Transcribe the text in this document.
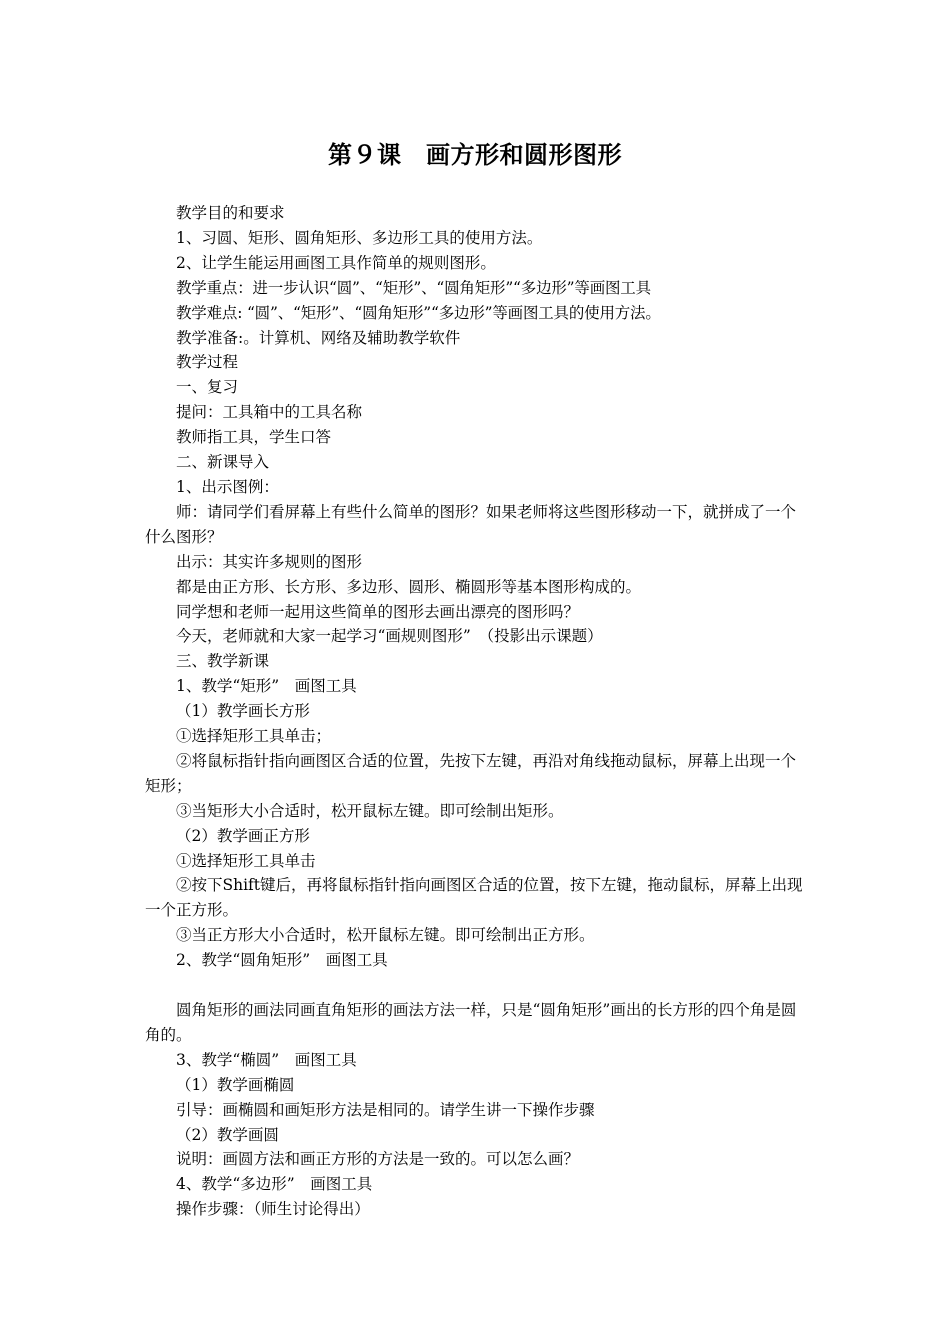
第９课　画方形和圆形图形

教学目的和要求

1、习圆、矩形、圆角矩形、多边形工具的使用方法。

2、让学生能运用画图工具作简单的规则图形。

教学重点：进一步认识“圆”、“矩形”、“圆角矩形”“多边形”等画图工具

教学难点: “圆”、“矩形”、“圆角矩形”“多边形”等画图工具的使用方法。

教学准备:。计算机、网络及辅助教学软件

教学过程

一、复习

提问：工具箱中的工具名称

教师指工具，学生口答

二、新课导入

1、出示图例：

师：请同学们看屏幕上有些什么简单的图形？如果老师将这些图形移动一下，就拼成了一个什么图形？

出示：其实许多规则的图形

都是由正方形、长方形、多边形、圆形、椭圆形等基本图形构成的。

同学想和老师一起用这些简单的图形去画出漂亮的图形吗？

今天，老师就和大家一起学习“画规则图形”　（投影出示课题）

三、教学新课

1、教学“矩形”　画图工具

（1）教学画长方形

①选择矩形工具单击；

②将鼠标指针指向画图区合适的位置，先按下左键，再沿对角线拖动鼠标，屏幕上出现一个矩形；

③当矩形大小合适时，松开鼠标左键。即可绘制出矩形。

（2）教学画正方形

①选择矩形工具单击

②按下Shift键后，再将鼠标指针指向画图区合适的位置，按下左键，拖动鼠标，屏幕上出现一个正方形。

③当正方形大小合适时，松开鼠标左键。即可绘制出正方形。

2、教学“圆角矩形”　画图工具

圆角矩形的画法同画直角矩形的画法方法一样，只是“圆角矩形”画出的长方形的四个角是圆角的。

3、教学“椭圆”　画图工具

（1）教学画椭圆

引导：画椭圆和画矩形方法是相同的。请学生讲一下操作步骤

（2）教学画圆

说明：画圆方法和画正方形的方法是一致的。可以怎么画？

4、教学“多边形”　画图工具

操作步骤：（师生讨论得出）
